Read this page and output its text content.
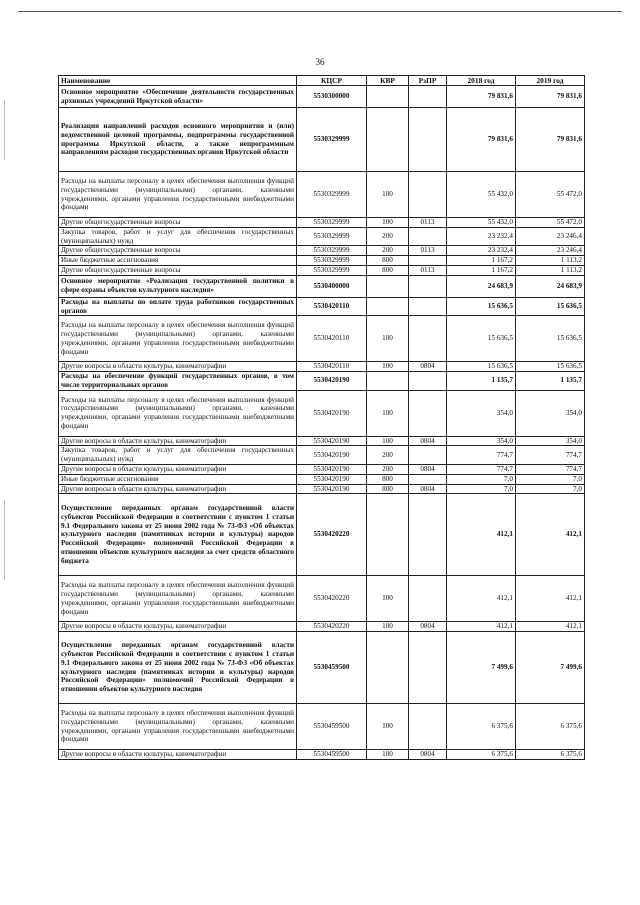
36
Наименование	КЦСР	КВР	РзПР	2018 год	2019 год
Основное мероприятие «Обеспечение деятельности государственных архивных учреждений Иркутской области»	5530300000			79 831,6	79 831,6
Реализация направлений расходов основного мероприятия и (или) ведомственной целевой программы, подпрограммы государственной программы Иркутской области, а также непрограммным направлениям расходов государственных органов Иркутской области	5530329999			79 831,6	79 831,6
Расходы на выплаты персоналу в целях обеспечения выполнения функций государственными (муниципальными) органами, казенными учреждениями, органами управления государственными внебюджетными фондами	5530329999	100		55 432,0	55 472,0
Другие общегосударственные вопросы	5530329999	100	0113	55 432,0	55 472,0
Закупка товаров, работ и услуг для обеспечения государственных (муниципальных) нужд	5530329999	200		23 232,4	23 246,4
Другие общегосударственные вопросы	5530329999	200	0113	23 232,4	23 246,4
Иные бюджетные ассигнования	5530329999	800		1 167,2	1 113,2
Другие общегосударственные вопросы	5530329999	800	0113	1 167,2	1 113,2
Основное мероприятие «Реализация государственной политики в сфере охраны объектов культурного наследия»	5530400000			24 683,9	24 683,9
Расходы на выплаты по оплате труда работников государственных органов	5530420110			15 636,5	15 636,5
Расходы на выплаты персоналу в целях обеспечения выполнения функций государственными (муниципальными) органами, казенными учреждениями, органами управления государственными внебюджетными фондами	5530420110	100		15 636,5	15 636,5
Другие вопросы в области культуры, кинематографии	5530420110	100	0804	15 636,5	15 636,5
Расходы на обеспечение функций государственных органов, в том числе территориальных органов	5530420190			1 135,7	1 135,7
Расходы на выплаты персоналу в целях обеспечения выполнения функций государственными (муниципальными) органами, казенными учреждениями, органами управления государственными внебюджетными фондами	5530420190	100		354,0	354,0
Другие вопросы в области культуры, кинематографии	5530420190	100	0804	354,0	354,0
Закупка товаров, работ и услуг для обеспечения государственных (муниципальных) нужд	5530420190	200		774,7	774,7
Другие вопросы в области культуры, кинематографии	5530420190	200	0804	774,7	774,7
Иные бюджетные ассигнования	5530420190	800		7,0	7,0
Другие вопросы в области культуры, кинематографии	5530420190	800	0804	7,0	7,0
Осуществление переданных органам государственной власти субъектов Российской Федерации в соответствии с пунктом 1 статьи 9.1 Федерального закона от 25 июня 2002 года № 73-ФЗ «Об объектах культурного наследия (памятниках истории и культуры) народов Российской Федерации» полномочий Российской Федерации в отношении объектов культурного наследия за счет средств областного бюджета	5530420220			412,1	412,1
Расходы на выплаты персоналу в целях обеспечения выполнения функций государственными (муниципальными) органами, казенными учреждениями, органами управления государственными внебюджетными фондами	5530420220	100		412,1	412,1
Другие вопросы в области культуры, кинематографии	5530420220	100	0804	412,1	412,1
Осуществление переданных органам государственной власти субъектов Российской Федерации в соответствии с пунктом 1 статьи 9.1 Федерального закона от 25 июня 2002 года № 73-ФЗ «Об объектах культурного наследия (памятниках истории и культуры) народов Российской Федерации» полномочий Российской Федерации в отношении объектов культурного наследия	5530459500			7 499,6	7 499,6
Расходы на выплаты персоналу в целях обеспечения выполнения функций государственными (муниципальными) органами, казенными учреждениями, органами управления государственными внебюджетными фондами	5530459500	100		6 375,6	6 375,6
Другие вопросы в области культуры, кинематографии	5530459500	100	0804	6 375,6	6 375,6
